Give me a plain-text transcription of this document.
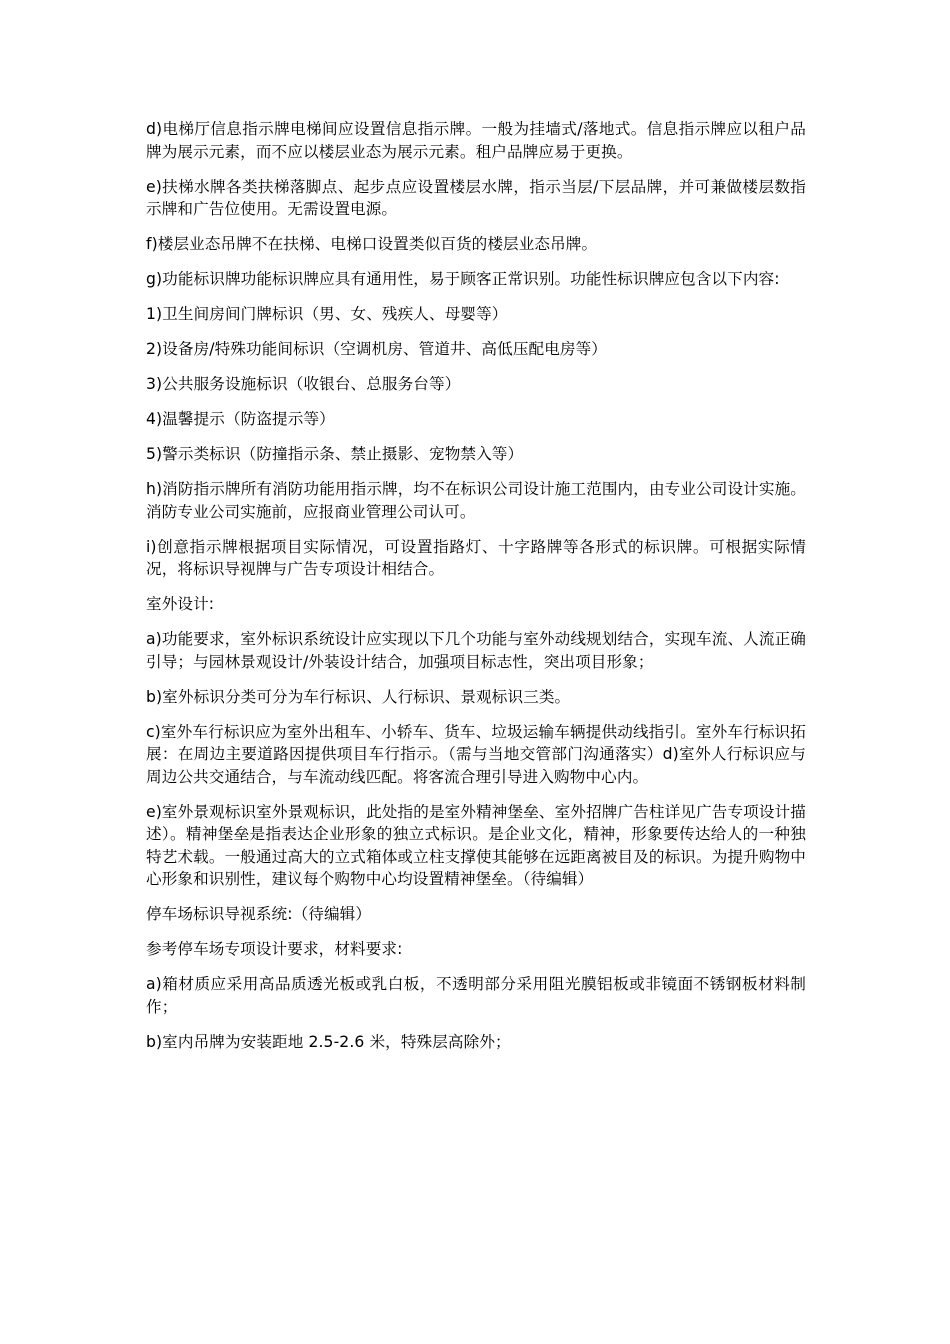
d)电梯厅信息指示牌电梯间应设置信息指示牌。一般为挂墙式/落地式。信息指示牌应以租户品牌为展示元素，而不应以楼层业态为展示元素。租户品牌应易于更换。

e)扶梯水牌各类扶梯落脚点、起步点应设置楼层水牌，指示当层/下层品牌，并可兼做楼层数指示牌和广告位使用。无需设置电源。

f)楼层业态吊牌不在扶梯、电梯口设置类似百货的楼层业态吊牌。

g)功能标识牌功能标识牌应具有通用性，易于顾客正常识别。功能性标识牌应包含以下内容:

1)卫生间房间门牌标识（男、女、残疾人、母婴等）

2)设备房/特殊功能间标识（空调机房、管道井、高低压配电房等）

3)公共服务设施标识（收银台、总服务台等）

4)温馨提示（防盗提示等）

5)警示类标识（防撞指示条、禁止摄影、宠物禁入等）

h)消防指示牌所有消防功能用指示牌，均不在标识公司设计施工范围内，由专业公司设计实施。消防专业公司实施前，应报商业管理公司认可。

i)创意指示牌根据项目实际情况，可设置指路灯、十字路牌等各形式的标识牌。可根据实际情况，将标识导视牌与广告专项设计相结合。

室外设计:

a)功能要求，室外标识系统设计应实现以下几个功能与室外动线规划结合，实现车流、人流正确引导；与园林景观设计/外装设计结合，加强项目标志性，突出项目形象；

b)室外标识分类可分为车行标识、人行标识、景观标识三类。

c)室外车行标识应为室外出租车、小轿车、货车、垃圾运输车辆提供动线指引。室外车行标识拓展：在周边主要道路因提供项目车行指示。（需与当地交管部门沟通落实）d)室外人行标识应与周边公共交通结合，与车流动线匹配。将客流合理引导进入购物中心内。

e)室外景观标识室外景观标识，此处指的是室外精神堡垒、室外招牌广告柱详见广告专项设计描述）。精神堡垒是指表达企业形象的独立式标识。是企业文化，精神，形象要传达给人的一种独特艺术载。一般通过高大的立式箱体或立柱支撑使其能够在远距离被目及的标识。为提升购物中心形象和识别性，建议每个购物中心均设置精神堡垒。（待编辑）

停车场标识导视系统:（待编辑）

参考停车场专项设计要求，材料要求:

a)箱材质应采用高品质透光板或乳白板，不透明部分采用阻光膜铝板或非镜面不锈钢板材料制作；

b)室内吊牌为安装距地 2.5-2.6 米，特殊层高除外；
